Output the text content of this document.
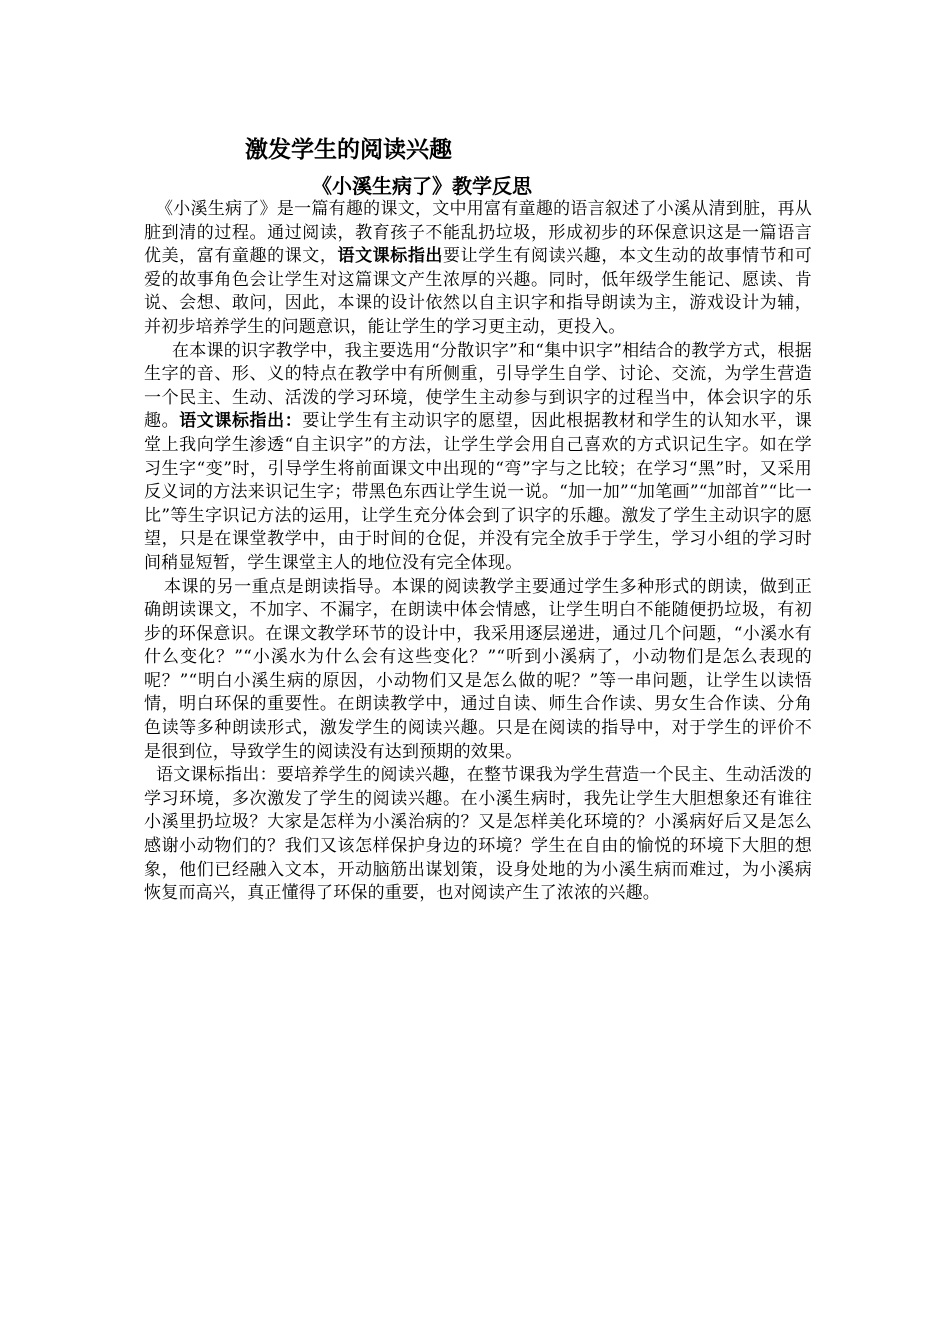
激发学生的阅读兴趣
《小溪生病了》教学反思

《小溪生病了》是一篇有趣的课文，文中用富有童趣的语言叙述了小溪从清到脏，再从脏到清的过程。通过阅读，教育孩子不能乱扔垃圾，形成初步的环保意识这是一篇语言优美，富有童趣的课文，语文课标指出要让学生有阅读兴趣，本文生动的故事情节和可爱的故事角色会让学生对这篇课文产生浓厚的兴趣。同时，低年级学生能记、愿读、肯说、会想、敢问，因此，本课的设计依然以自主识字和指导朗读为主，游戏设计为辅，并初步培养学生的问题意识，能让学生的学习更主动，更投入。

在本课的识字教学中，我主要选用“分散识字”和“集中识字”相结合的教学方式，根据生字的音、形、义的特点在教学中有所侧重，引导学生自学、讨论、交流，为学生营造一个民主、生动、活泼的学习环境，使学生主动参与到识字的过程当中，体会识字的乐趣。语文课标指出：要让学生有主动识字的愿望，因此根据教材和学生的认知水平，课堂上我向学生渗透“自主识字”的方法，让学生学会用自己喜欢的方式识记生字。如在学习生字“变”时，引导学生将前面课文中出现的“弯”字与之比较；在学习“黑”时，又采用反义词的方法来识记生字；带黑色东西让学生说一说。“加一加”“加笔画”“加部首”“比一比”等生字识记方法的运用，让学生充分体会到了识字的乐趣。激发了学生主动识字的愿望，只是在课堂教学中，由于时间的仓促，并没有完全放手于学生，学习小组的学习时间稍显短暂，学生课堂主人的地位没有完全体现。

本课的另一重点是朗读指导。本课的阅读教学主要通过学生多种形式的朗读，做到正确朗读课文，不加字、不漏字，在朗读中体会情感，让学生明白不能随便扔垃圾，有初步的环保意识。在课文教学环节的设计中，我采用逐层递进，通过几个问题，“小溪水有什么变化？”“小溪水为什么会有这些变化？”“听到小溪病了，小动物们是怎么表现的呢？”“明白小溪生病的原因，小动物们又是怎么做的呢？”等一串问题，让学生以读悟情，明白环保的重要性。在朗读教学中，通过自读、师生合作读、男女生合作读、分角色读等多种朗读形式，激发学生的阅读兴趣。只是在阅读的指导中，对于学生的评价不是很到位，导致学生的阅读没有达到预期的效果。

语文课标指出：要培养学生的阅读兴趣，在整节课我为学生营造一个民主、生动活泼的学习环境，多次激发了学生的阅读兴趣。在小溪生病时，我先让学生大胆想象还有谁往小溪里扔垃圾？大家是怎样为小溪治病的？又是怎样美化环境的？小溪病好后又是怎么感谢小动物们的？我们又该怎样保护身边的环境？学生在自由的愉悦的环境下大胆的想象，他们已经融入文本，开动脑筋出谋划策，设身处地的为小溪生病而难过，为小溪病恢复而高兴，真正懂得了环保的重要，也对阅读产生了浓浓的兴趣。
